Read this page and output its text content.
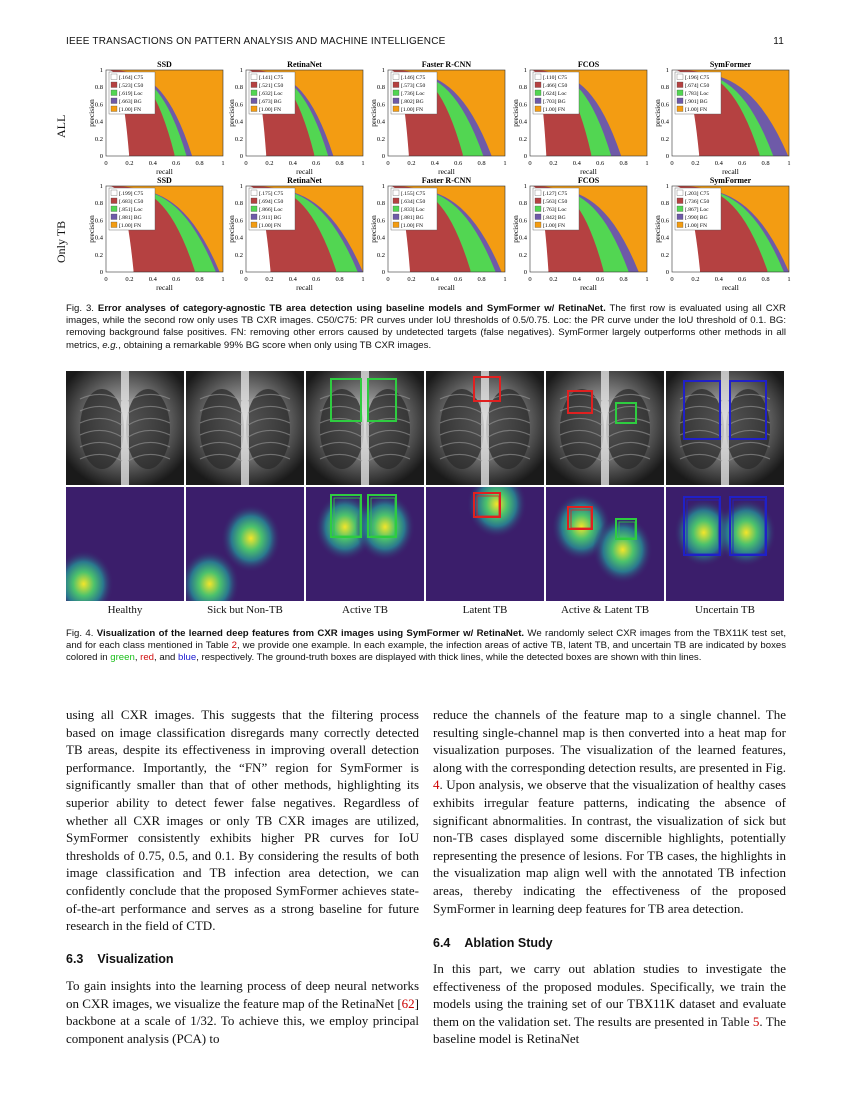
IEEE TRANSACTIONS ON PATTERN ANALYSIS AND MACHINE INTELLIGENCE	11
ALL
Only TB
SSD
0	0.2 0.4 0.6 0.8	1
0
0.2
0.4
0.6
0.8
1
recall
precision
[.164] C75
[.523] C50
[.619] Loc
[.663] BG
[1.00] FN
RetinaNet
0	0.2 0.4 0.6 0.8	1
0
0.2
0.4
0.6
0.8
1
recall
precision
[.141] C75
[.521] C50
[.632] Loc
[.673] BG
[1.00] FN
Faster R-CNN
0	0.2 0.4 0.6 0.8	1
0
0.2
0.4
0.6
0.8
1
recall
precision
[.146] C75
[.573] C50
[.736] Loc
[.802] BG
[1.00] FN
FCOS
0	0.2 0.4 0.6 0.8	1
0
0.2
0.4
0.6
0.8
1
recall
precision
[.110] C75
[.466] C50
[.624] Loc
[.703] BG
[1.00] FN
SymFormer
0	0.2 0.4 0.6 0.8	1
0
0.2
0.4
0.6
0.8
1
recall
precision
[.196] C75
[.674] C50
[.783] Loc
[.901] BG
[1.00] FN
SSD
0	0.2 0.4 0.6 0.8	1
0
0.2
0.4
0.6
0.8
1
recall
precision
[.199] C75
[.683] C50
[.851] Loc
[.881] BG
[1.00] FN
RetinaNet
0	0.2 0.4 0.6 0.8	1
0
0.2
0.4
0.6
0.8
1
recall
precision
[.175] C75
[.694] C50
[.866] Loc
[.911] BG
[1.00] FN
Faster R-CNN
0	0.2 0.4 0.6 0.8	1
0
0.2
0.4
0.6
0.8
1
recall
precision
[.155] C75
[.634] C50
[.833] Loc
[.881] BG
[1.00] FN
FCOS
0	0.2 0.4 0.6 0.8	1
0
0.2
0.4
0.6
0.8
1
recall
precision
[.127] C75
[.563] C50
[.763] Loc
[.842] BG
[1.00] FN
SymFormer
0	0.2 0.4 0.6 0.8	1
0
0.2
0.4
0.6
0.8
1
recall
precision
[.203] C75
[.736] C50
[.867] Loc
[.990] BG
[1.00] FN
Fig. 3. Error analyses of category-agnostic TB area detection using baseline models and SymFormer w/ RetinaNet. The first row is evaluated using all CXR images, while the second row only uses TB CXR images. C50/C75: PR curves under IoU thresholds of 0.5/0.75. Loc: the PR curve under the IoU threshold of 0.1. BG: removing background false positives. FN: removing other errors caused by undetected targets (false negatives). SymFormer largely outperforms other methods in all metrics, e.g., obtaining a remarkable 99% BG score when only using TB CXR images.
Healthy	Sick but Non-TB	Active TB	Latent TB	Active & Latent TB	Uncertain TB
Fig. 4. Visualization of the learned deep features from CXR images using SymFormer w/ RetinaNet. We randomly select CXR images from the TBX11K test set, and for each class mentioned in Table 2, we provide one example. In each example, the infection areas of active TB, latent TB, and uncertain TB are indicated by boxes colored in green, red, and blue, respectively. The ground-truth boxes are displayed with thick lines, while the detected boxes are shown with thin lines.
using all CXR images. This suggests that the filtering process based on image classification disregards many correctly detected TB areas, despite its effectiveness in improving overall detection performance. Importantly, the “FN” region for SymFormer is significantly smaller than that of other methods, highlighting its superior ability to detect fewer false negatives. Regardless of whether all CXR images or only TB CXR images are utilized, SymFormer consistently exhibits higher PR curves for IoU thresholds of 0.75, 0.5, and 0.1. By considering the results of both image classification and TB infection area detection, we can confidently conclude that the proposed SymFormer achieves state-of-the-art performance and serves as a strong baseline for future research in the field of CTD.
6.3 Visualization
To gain insights into the learning process of deep neural networks on CXR images, we visualize the feature map of the RetinaNet [62] backbone at a scale of 1/32. To achieve this, we employ principal component analysis (PCA) to
reduce the channels of the feature map to a single channel. The resulting single-channel map is then converted into a heat map for visualization purposes. The visualization of the learned features, along with the corresponding detection results, are presented in Fig. 4. Upon analysis, we observe that the visualization of healthy cases exhibits irregular feature patterns, indicating the absence of significant abnormalities. In contrast, the visualization of sick but non-TB cases displayed some discernible highlights, potentially representing the presence of lesions. For TB cases, the highlights in the visualization map align well with the annotated TB infection areas, thereby indicating the effectiveness of the proposed SymFormer in learning deep features for TB area detection.
6.4 Ablation Study
In this part, we carry out ablation studies to investigate the effectiveness of the proposed modules. Specifically, we train the models using the training set of our TBX11K dataset and evaluate them on the validation set. The results are presented in Table 5. The baseline model is RetinaNet
